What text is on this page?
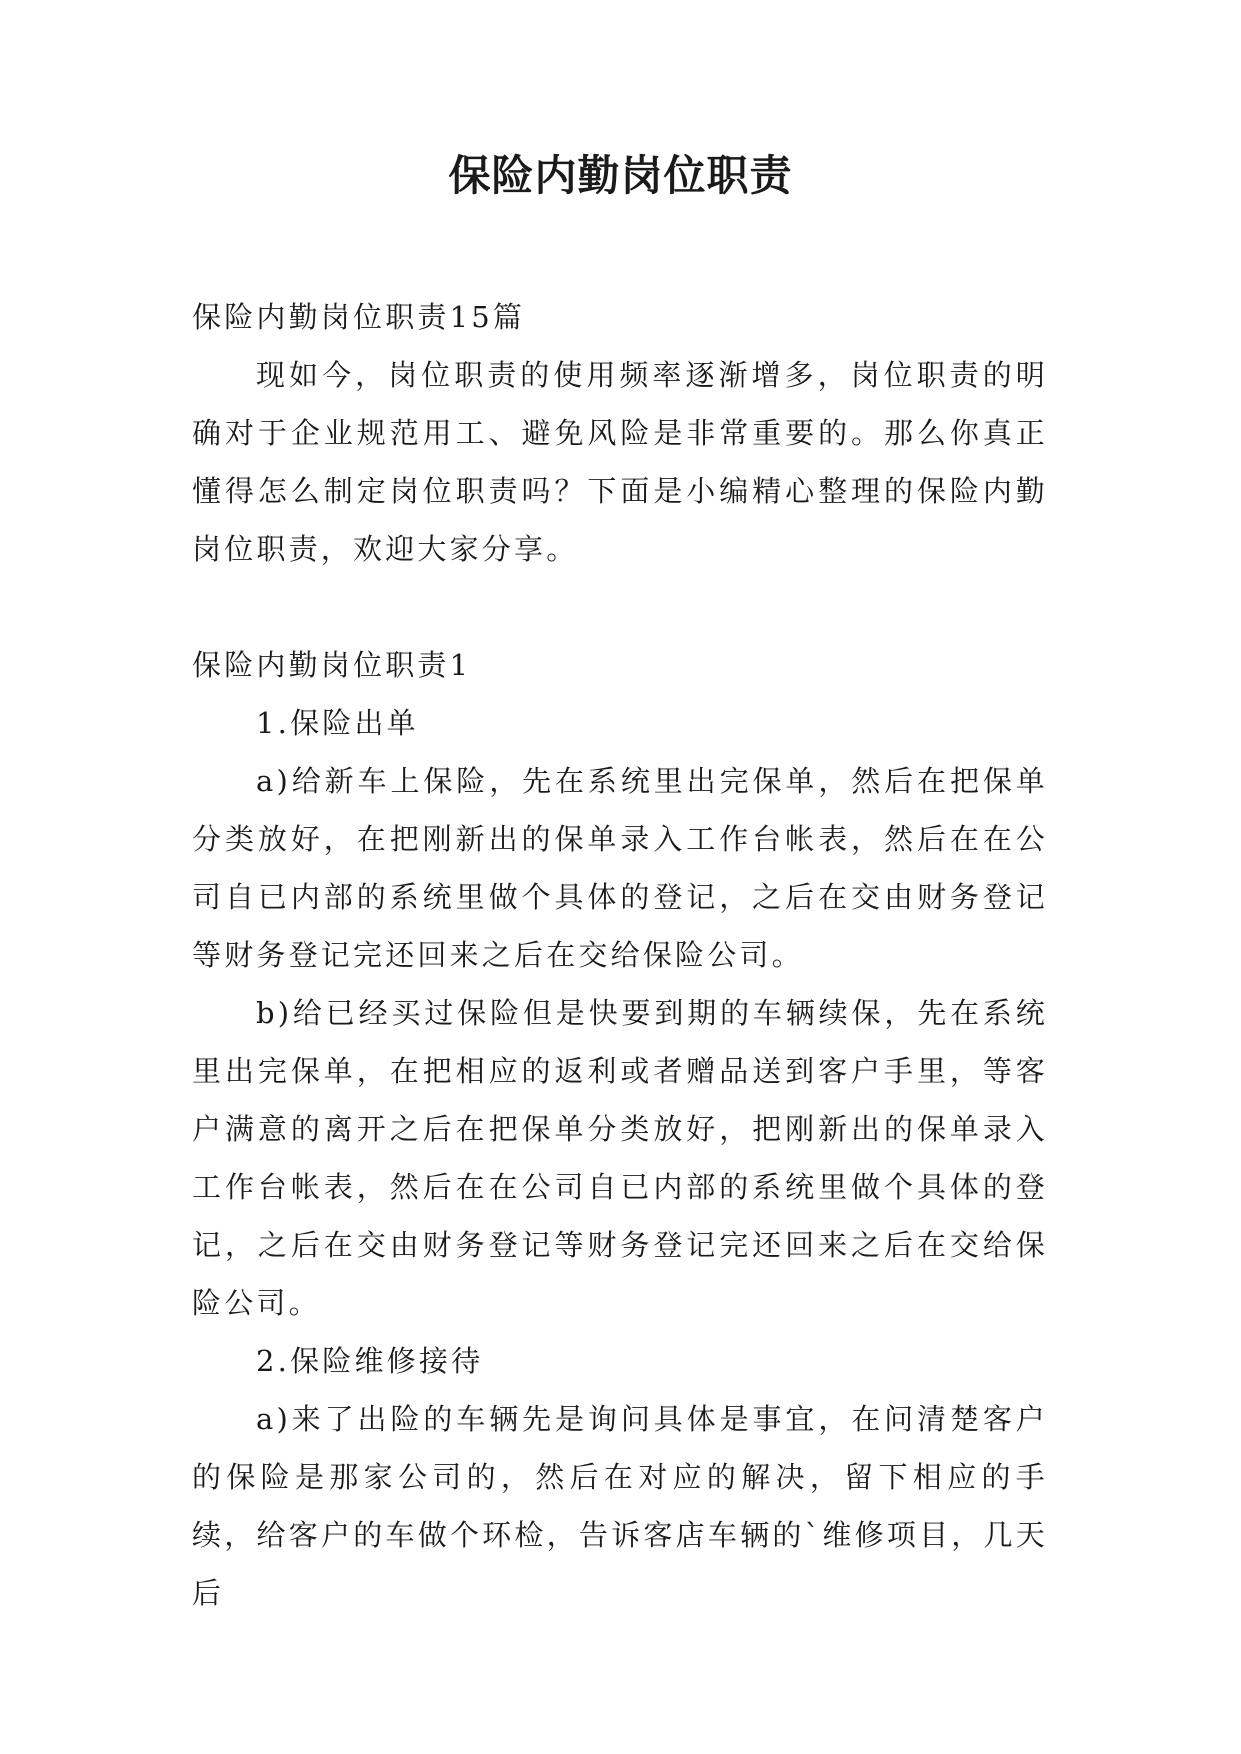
保险内勤岗位职责

保险内勤岗位职责15篇

现如今，岗位职责的使用频率逐渐增多，岗位职责的明确对于企业规范用工、避免风险是非常重要的。那么你真正懂得怎么制定岗位职责吗？下面是小编精心整理的保险内勤岗位职责，欢迎大家分享。

保险内勤岗位职责1

1.保险出单

a)给新车上保险，先在系统里出完保单，然后在把保单分类放好，在把刚新出的保单录入工作台帐表，然后在在公司自已内部的系统里做个具体的登记，之后在交由财务登记等财务登记完还回来之后在交给保险公司。

b)给已经买过保险但是快要到期的车辆续保，先在系统里出完保单，在把相应的返利或者赠品送到客户手里，等客户满意的离开之后在把保单分类放好，把刚新出的保单录入工作台帐表，然后在在公司自已内部的系统里做个具体的登记，之后在交由财务登记等财务登记完还回来之后在交给保险公司。

2.保险维修接待

a)来了出险的车辆先是询问具体是事宜，在问清楚客户的保险是那家公司的，然后在对应的解决，留下相应的手续，给客户的车做个环检，告诉客店车辆的`维修项目，几天后
